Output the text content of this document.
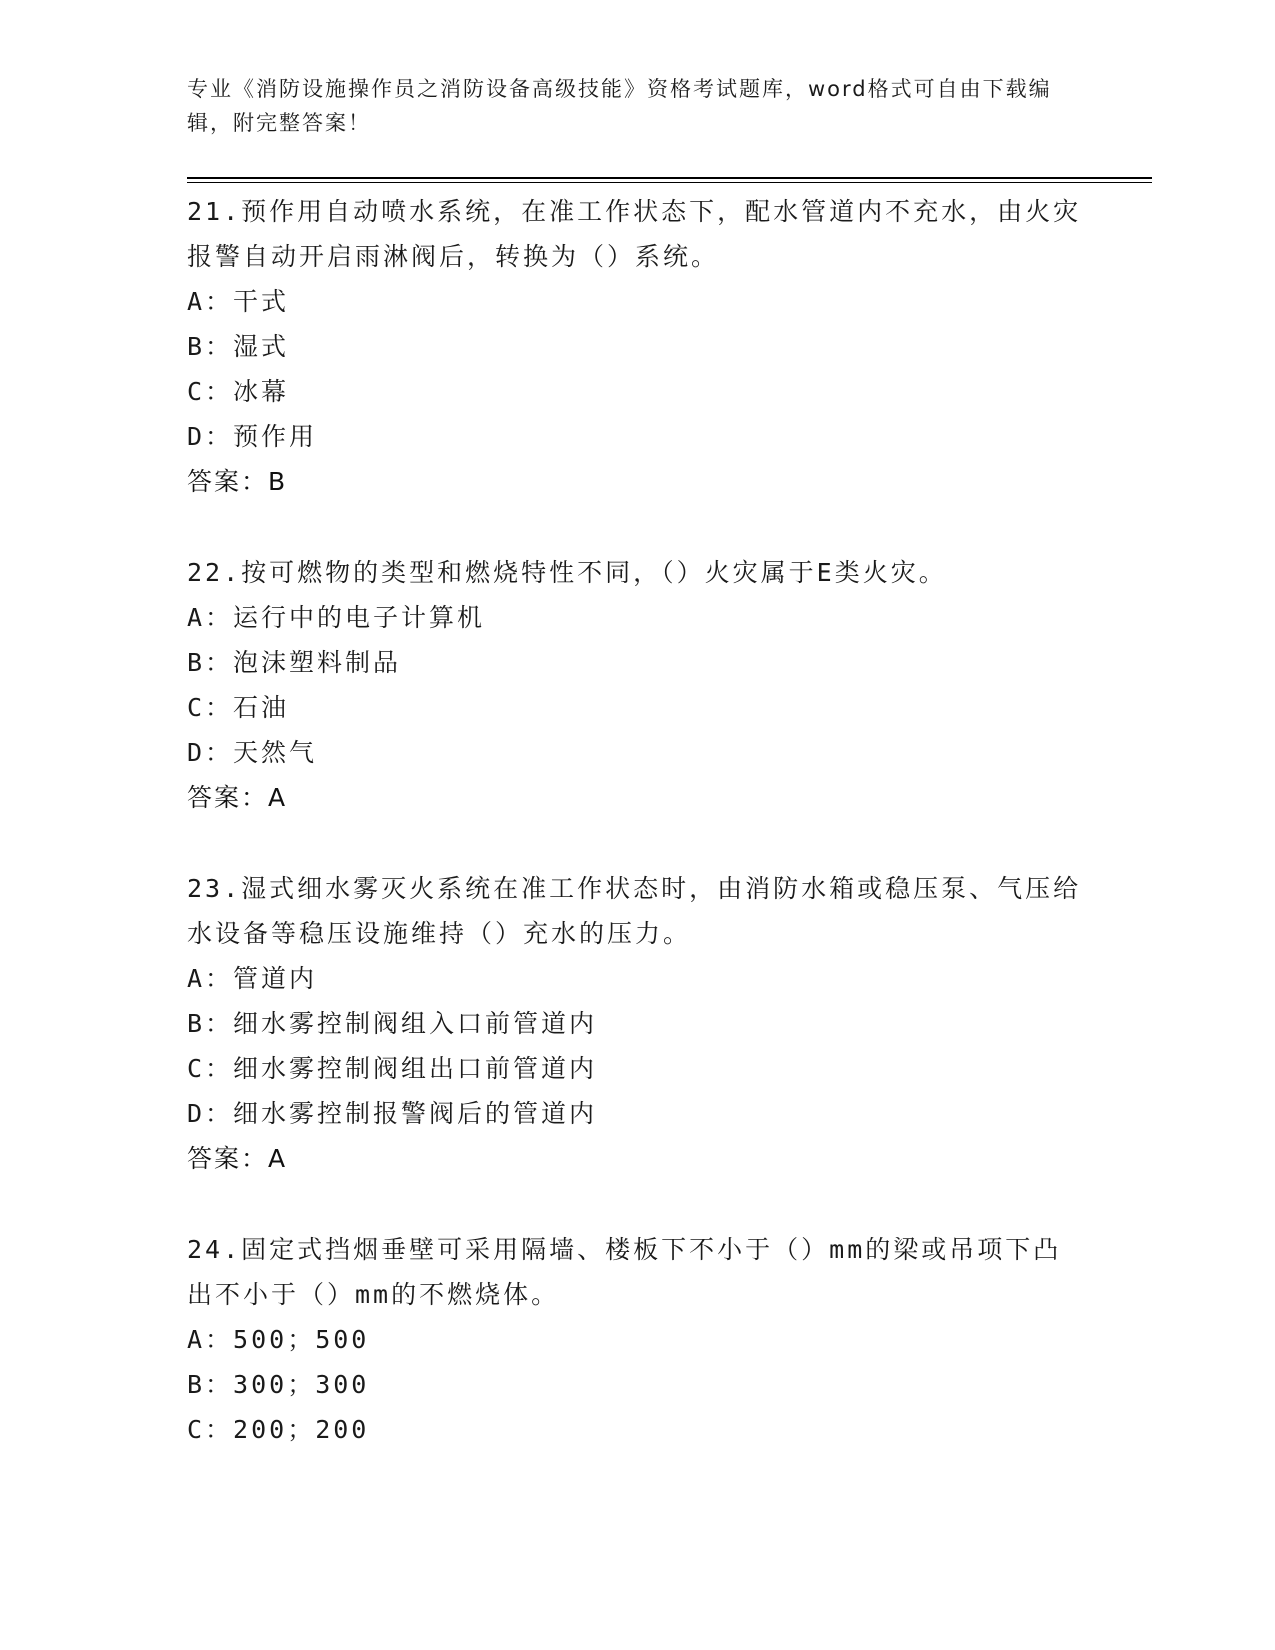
专业《消防设施操作员之消防设备高级技能》资格考试题库，word格式可自由下载编辑，附完整答案！

21.预作用自动喷水系统，在准工作状态下，配水管道内不充水，由火灾报警自动开启雨淋阀后，转换为（）系统。

A：干式

B：湿式

C：冰幕

D：预作用

答案：B

22.按可燃物的类型和燃烧特性不同，（）火灾属于E类火灾。

A：运行中的电子计算机

B：泡沫塑料制品

C：石油

D：天然气

答案：A

23.湿式细水雾灭火系统在准工作状态时，由消防水箱或稳压泵、气压给水设备等稳压设施维持（）充水的压力。

A：管道内

B：细水雾控制阀组入口前管道内

C：细水雾控制阀组出口前管道内

D：细水雾控制报警阀后的管道内

答案：A

24.固定式挡烟垂壁可采用隔墙、楼板下不小于（）mm的梁或吊项下凸出不小于（）mm的不燃烧体。

A：500；500

B：300；300

C：200；200
